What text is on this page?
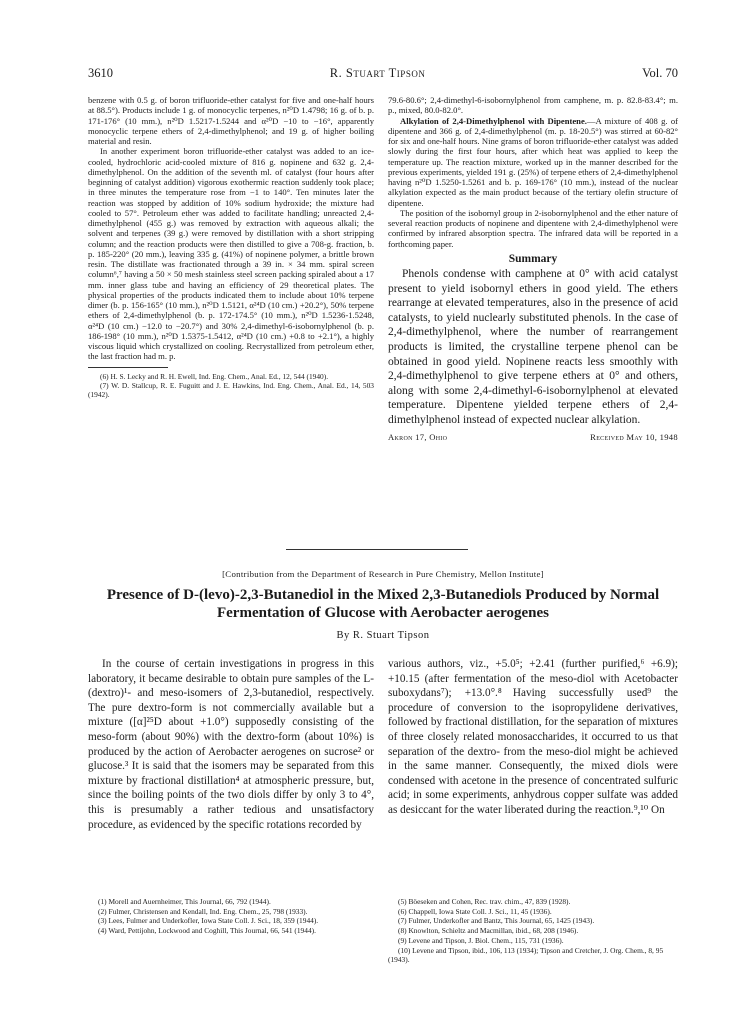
3610	R. Stuart Tipson	Vol. 70

benzene with 0.5 g. of boron trifluoride-ether catalyst for five and one-half hours at 88.5°). Products include 1 g. of monocyclic terpenes, n²⁰D 1.4798; 16 g. of b. p. 171-176° (10 mm.), n²⁰D 1.5217-1.5244 and α²⁰D −10 to −16°, apparently monocyclic terpene ethers of 2,4-dimethylphenol; and 19 g. of higher boiling material and resin.

In another experiment boron trifluoride-ether catalyst was added to an ice-cooled, hydrochloric acid-cooled mixture of 816 g. nopinene and 632 g. 2,4-dimethylphenol. On the addition of the seventh ml. of catalyst (four hours after beginning of catalyst addition) vigorous exothermic reaction suddenly took place; in three minutes the temperature rose from −1 to 140°. Ten minutes later the reaction was stopped by addition of 10% sodium hydroxide; the mixture had cooled to 57°. Petroleum ether was added to facilitate handling; unreacted 2,4-dimethylphenol (455 g.) was removed by extraction with aqueous alkali; the solvent and terpenes (39 g.) were removed by distillation with a short stripping column; and the reaction products were then distilled to give a 708-g. fraction, b. p. 185-220° (20 mm.), leaving 335 g. (41%) of nopinene polymer, a brittle brown resin. The distillate was fractionated through a 39 in. × 34 mm. spiral screen column⁶,⁷ having a 50 × 50 mesh stainless steel screen packing spiraled about a 17 mm. inner glass tube and having an efficiency of 29 theoretical plates. The physical properties of the products indicated them to include about 10% terpene dimer (b. p. 156-165° (10 mm.), n²⁰D 1.5121, α²⁴D (10 cm.) +20.2°), 50% terpene ethers of 2,4-dimethylphenol (b. p. 172-174.5° (10 mm.), n²⁰D 1.5236-1.5248, α²⁴D (10 cm.) −12.0 to −20.7°) and 30% 2,4-dimethyl-6-isobornylphenol (b. p. 186-198° (10 mm.), n²⁰D 1.5375-1.5412, α²⁴D (10 cm.) +0.8 to +2.1°), a highly viscous liquid which crystallized on cooling. Recrystallized from petroleum ether, the last fraction had m. p.

(6) H. S. Lecky and R. H. Ewell, Ind. Eng. Chem., Anal. Ed., 12, 544 (1940).

(7) W. D. Stallcup, R. E. Fuguitt and J. E. Hawkins, Ind. Eng. Chem., Anal. Ed., 14, 503 (1942).

79.6-80.6°; 2,4-dimethyl-6-isobornylphenol from camphene, m. p. 82.8-83.4°; m. p., mixed, 80.0-82.0°.

Alkylation of 2,4-Dimethylphenol with Dipentene.—A mixture of 408 g. of dipentene and 366 g. of 2,4-dimethylphenol (m. p. 18-20.5°) was stirred at 60-82° for six and one-half hours. Nine grams of boron trifluoride-ether catalyst was added slowly during the first four hours, after which heat was applied to keep the temperature up. The reaction mixture, worked up in the manner described for the previous experiments, yielded 191 g. (25%) of terpene ethers of 2,4-dimethylphenol having n²⁰D 1.5250-1.5261 and b. p. 169-176° (10 mm.), instead of the nuclear alkylation expected as the main product because of the tertiary olefin structure of dipentene.

The position of the isobornyl group in 2-isobornylphenol and the ether nature of several reaction products of nopinene and dipentene with 2,4-dimethylphenol were confirmed by infrared absorption spectra. The infrared data will be reported in a forthcoming paper.

Summary

Phenols condense with camphene at 0° with acid catalyst present to yield isobornyl ethers in good yield. The ethers rearrange at elevated temperatures, also in the presence of acid catalysts, to yield nuclearly substituted phenols. In the case of 2,4-dimethylphenol, where the number of rearrangement products is limited, the crystalline terpene phenol can be obtained in good yield. Nopinene reacts less smoothly with 2,4-dimethylphenol to give terpene ethers at 0° and others, along with some 2,4-dimethyl-6-isobornylphenol at elevated temperature. Dipentene yielded terpene ethers of 2,4-dimethylphenol instead of expected nuclear alkylation.

Akron 17, Ohio	Received May 10, 1948
[Contribution from the Department of Research in Pure Chemistry, Mellon Institute]
Presence of D-(levo)-2,3-Butanediol in the Mixed 2,3-Butanediols Produced by Normal Fermentation of Glucose with Aerobacter aerogenes
By R. Stuart Tipson

In the course of certain investigations in progress in this laboratory, it became desirable to obtain pure samples of the L-(dextro)¹- and meso-isomers of 2,3-butanediol, respectively. The pure dextro-form is not commercially available but a mixture ([α]²⁵D about +1.0°) supposedly consisting of the meso-form (about 90%) with the dextro-form (about 10%) is produced by the action of Aerobacter aerogenes on sucrose² or glucose.³ It is said that the isomers may be separated from this mixture by fractional distillation⁴ at atmospheric pressure, but, since the boiling points of the two diols differ by only 3 to 4°, this is presumably a rather tedious and unsatisfactory procedure, as evidenced by the specific rotations recorded by

various authors, viz., +5.0⁵; +2.41 (further purified,⁶ +6.9); +10.15 (after fermentation of the meso-diol with Acetobacter suboxydans⁷); +13.0°.⁸ Having successfully used⁹ the procedure of conversion to the isopropylidene derivatives, followed by fractional distillation, for the separation of mixtures of three closely related monosaccharides, it occurred to us that separation of the dextro- from the meso-diol might be achieved in the same manner. Consequently, the mixed diols were condensed with acetone in the presence of concentrated sulfuric acid; in some experiments, anhydrous copper sulfate was added as desiccant for the water liberated during the reaction.⁹,¹⁰ On

(1) Morell and Auernheimer, This Journal, 66, 792 (1944).

(2) Fulmer, Christensen and Kendall, Ind. Eng. Chem., 25, 798 (1933).

(3) Lees, Fulmer and Underkofler, Iowa State Coll. J. Sci., 18, 359 (1944).

(4) Ward, Pettijohn, Lockwood and Coghill, This Journal, 66, 541 (1944).

(5) Böeseken and Cohen, Rec. trav. chim., 47, 839 (1928).

(6) Chappell, Iowa State Coll. J. Sci., 11, 45 (1936).

(7) Fulmer, Underkofler and Bantz, This Journal, 65, 1425 (1943).

(8) Knowlton, Schieltz and Macmillan, ibid., 68, 208 (1946).

(9) Levene and Tipson, J. Biol. Chem., 115, 731 (1936).

(10) Levene and Tipson, ibid., 106, 113 (1934); Tipson and Cretcher, J. Org. Chem., 8, 95 (1943).
